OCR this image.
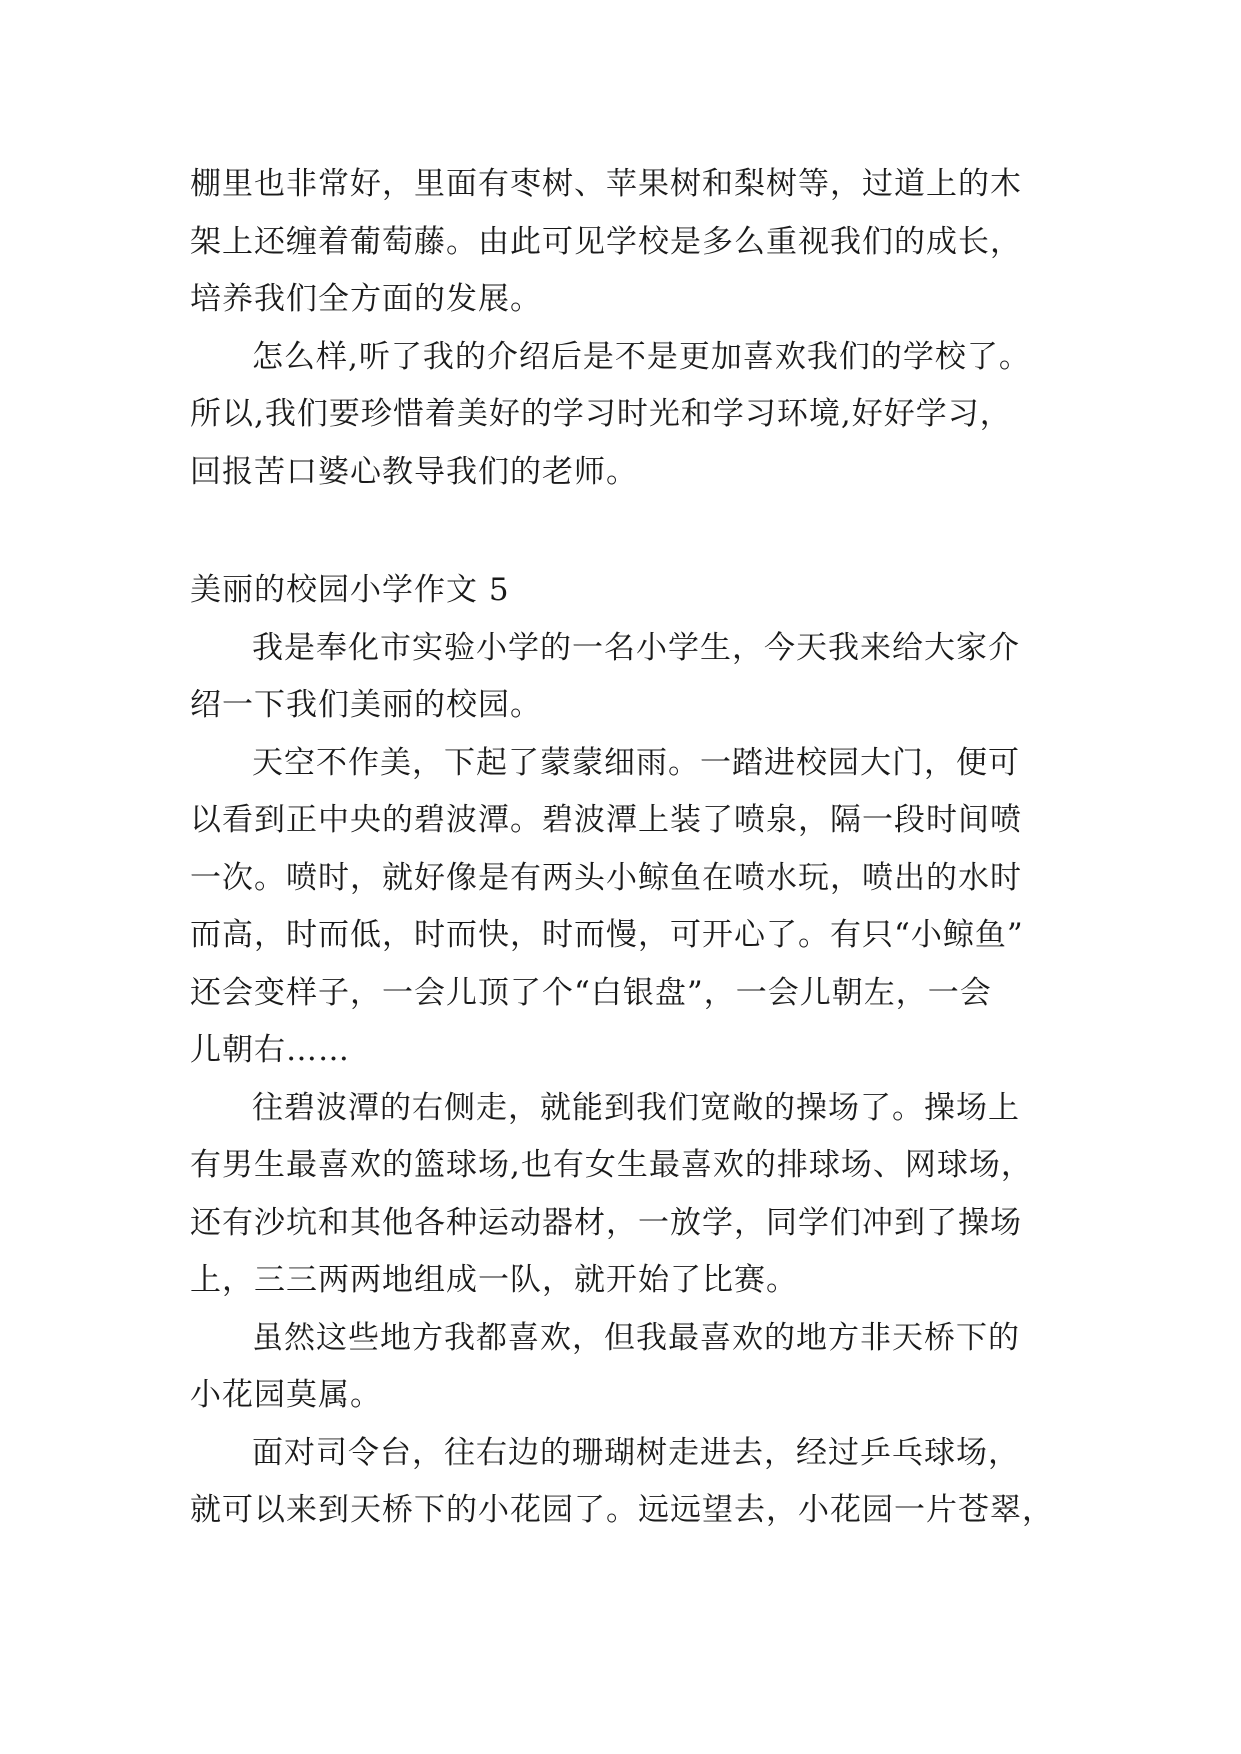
棚里也非常好，里面有枣树、苹果树和梨树等，过道上的木
架上还缠着葡萄藤。由此可见学校是多么重视我们的成长，
培养我们全方面的发展。

怎么样,听了我的介绍后是不是更加喜欢我们的学校了。
所以,我们要珍惜着美好的学习时光和学习环境,好好学习，
回报苦口婆心教导我们的老师。

美丽的校园小学作文 5

我是奉化市实验小学的一名小学生，今天我来给大家介
绍一下我们美丽的校园。

天空不作美，下起了蒙蒙细雨。一踏进校园大门，便可
以看到正中央的碧波潭。碧波潭上装了喷泉，隔一段时间喷
一次。喷时，就好像是有两头小鲸鱼在喷水玩，喷出的水时
而高，时而低，时而快，时而慢，可开心了。有只“小鲸鱼”
还会变样子，一会儿顶了个“白银盘”，一会儿朝左，一会
儿朝右……

往碧波潭的右侧走，就能到我们宽敞的操场了。操场上
有男生最喜欢的篮球场,也有女生最喜欢的排球场、网球场，
还有沙坑和其他各种运动器材，一放学，同学们冲到了操场
上，三三两两地组成一队，就开始了比赛。

虽然这些地方我都喜欢，但我最喜欢的地方非天桥下的
小花园莫属。

面对司令台，往右边的珊瑚树走进去，经过乒乓球场，
就可以来到天桥下的小花园了。远远望去，小花园一片苍翠，
